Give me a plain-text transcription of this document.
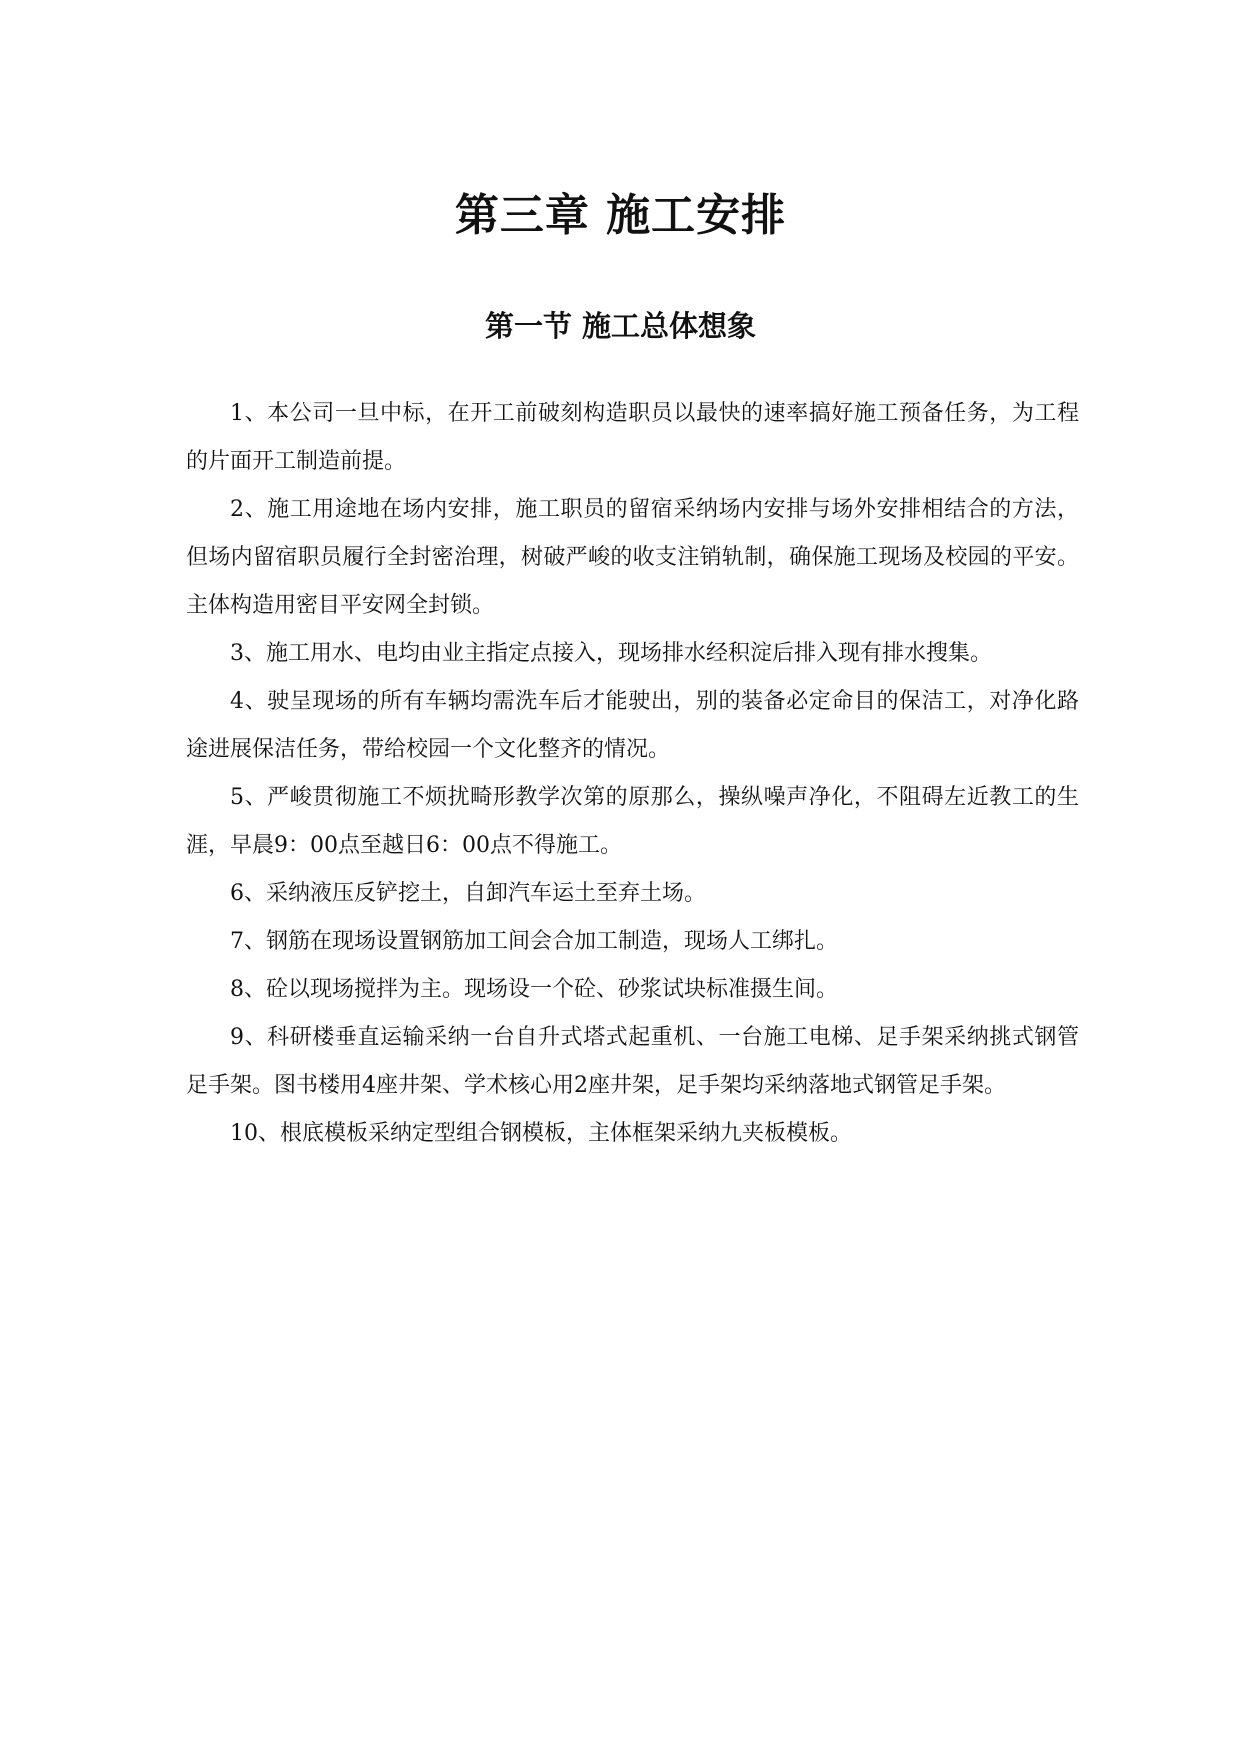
第三章 施工安排
第一节 施工总体想象

1、本公司一旦中标，在开工前破刻构造职员以最快的速率搞好施工预备任务，为工程的片面开工制造前提。

2、施工用途地在场内安排，施工职员的留宿采纳场内安排与场外安排相结合的方法，但场内留宿职员履行全封密治理，树破严峻的收支注销轨制，确保施工现场及校园的平安。主体构造用密目平安网全封锁。

3、施工用水、电均由业主指定点接入，现场排水经积淀后排入现有排水搜集。

4、驶呈现场的所有车辆均需洗车后才能驶出，别的装备必定命目的保洁工，对净化路途进展保洁任务，带给校园一个文化整齐的情况。

5、严峻贯彻施工不烦扰畸形教学次第的原那么，操纵噪声净化，不阻碍左近教工的生涯，早晨9：00点至越日6：00点不得施工。

6、采纳液压反铲挖土，自卸汽车运土至弃土场。

7、钢筋在现场设置钢筋加工间会合加工制造，现场人工绑扎。

8、砼以现场搅拌为主。现场设一个砼、砂浆试块标准摄生间。

9、科研楼垂直运输采纳一台自升式塔式起重机、一台施工电梯、足手架采纳挑式钢管足手架。图书楼用4座井架、学术核心用2座井架，足手架均采纳落地式钢管足手架。

10、根底模板采纳定型组合钢模板，主体框架采纳九夹板模板。
